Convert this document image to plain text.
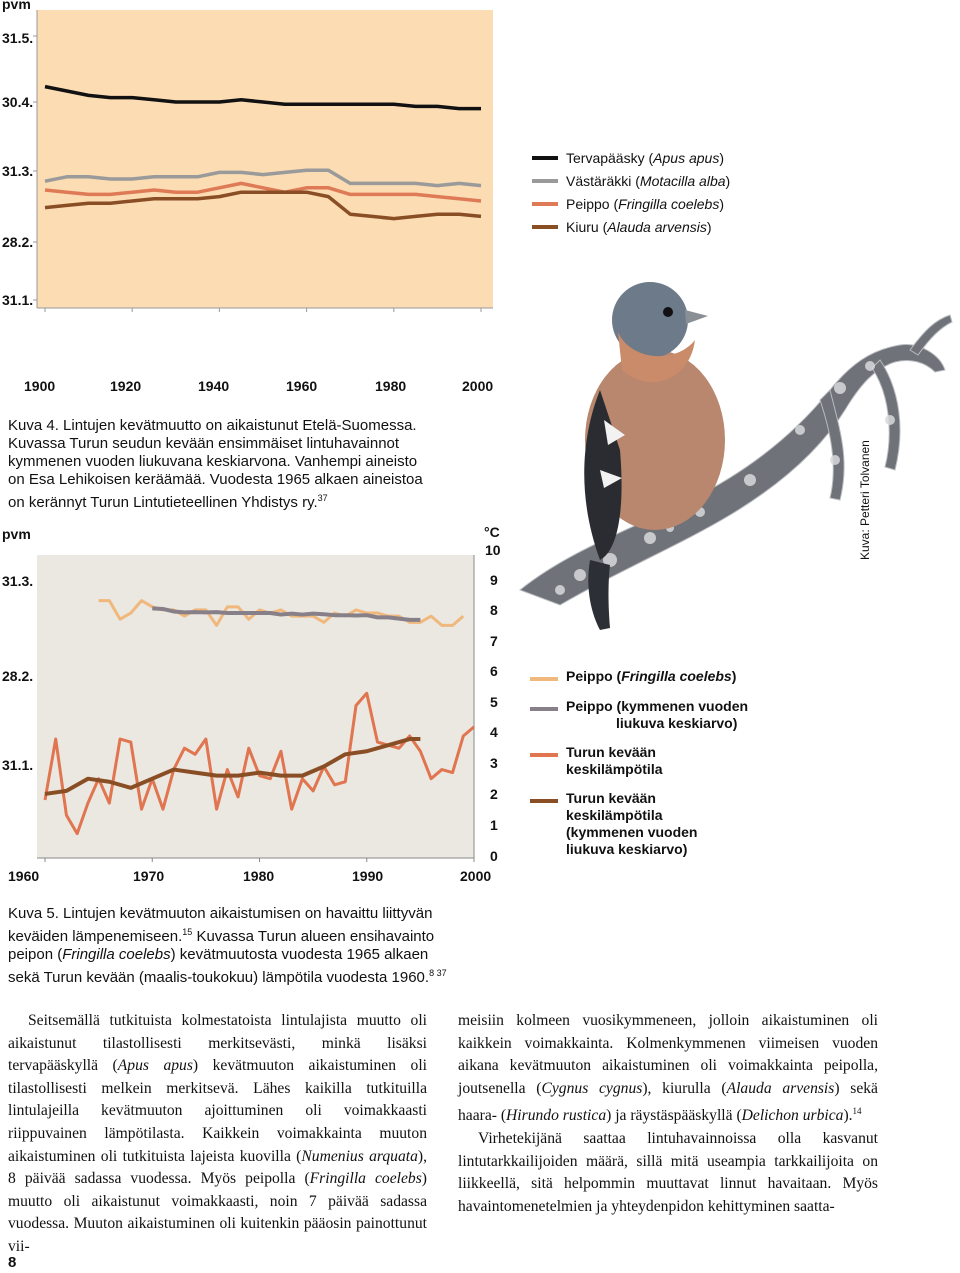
pvm
31.5.
30.4.
31.3.
28.2.
31.1.
1900	1920	1940	1960	1980	2000
Tervapääsky (Apus apus)
Västäräkki (Motacilla alba)
Peippo (Fringilla coelebs)
Kiuru (Alauda arvensis)
Kuva 4. Lintujen kevätmuutto on aikaistunut Etelä-Suomessa.
Kuvassa Turun seudun kevään ensimmäiset lintuhavainnot
kymmenen vuoden liukuvana keskiarvona. Vanhempi aineisto
on Esa Lehikoisen keräämää. Vuodesta 1965 alkaen aineistoa
on kerännyt Turun Lintutieteellinen Yhdistys ry.$^{37}$
pvm	°C
31.3.
28.2.
31.1.
10
9
8
7
6
5
4
3
2
1
0
1960	1970	1980	1990	2000
Peippo (Fringilla coelebs)
Peippo (kymmenen vuoden
liukuva keskiarvo)
Turun kevään
keskilämpötila
Turun kevään
keskilämpötila
(kymmenen vuoden
liukuva keskiarvo)
Kuva 5. Lintujen kevätmuuton aikaistumisen on havaittu liittyvän
keväiden lämpenemiseen.$^{15}$ Kuvassa Turun alueen ensihavainto
peipon (Fringilla coelebs) kevätmuutosta vuodesta 1965 alkaen
sekä Turun kevään (maalis-toukokuu) lämpötila vuodesta 1960.$^{8 37}$
Kuva: Petteri Tolvanen

Seitsemällä tutkituista kolmestatoista lintulajista muutto oli aikaistunut tilastollisesti merkitsevästi, minkä lisäksi tervapääskyllä (Apus apus) kevätmuuton aikaistuminen oli tilastollisesti melkein merkitsevä. Lähes kaikilla tutkituilla lintulajeilla kevätmuuton ajoittuminen oli voimakkaasti riippuvainen lämpötilasta. Kaikkein voimakkainta muuton aikaistuminen oli tutkituista lajeista kuovilla (Numenius arquata), 8 päivää sadassa vuodessa. Myös peipolla (Fringilla coelebs) muutto oli aikaistunut voimakkaasti, noin 7 päivää sadassa vuodessa. Muuton aikaistuminen oli kuitenkin pääosin painottunut vii-

meisiin kolmeen vuosikymmeneen, jolloin aikaistuminen oli kaikkein voimakkainta. Kolmenkymmenen viimeisen vuoden aikana kevätmuuton aikaistuminen oli voimakkainta peipolla, joutsenella (Cygnus cygnus), kiurulla (Alauda arvensis) sekä haara- (Hirundo rustica) ja räystäspääskyllä (Delichon urbica).$^{14}$

Virhetekijänä saattaa lintuhavainnoissa olla kasvanut lintutarkkailijoiden määrä, sillä mitä useampia tarkkailijoita on liikkeellä, sitä helpommin muuttavat linnut havaitaan. Myös havaintomenetelmien ja yhteydenpidon kehittyminen saatta-

8
